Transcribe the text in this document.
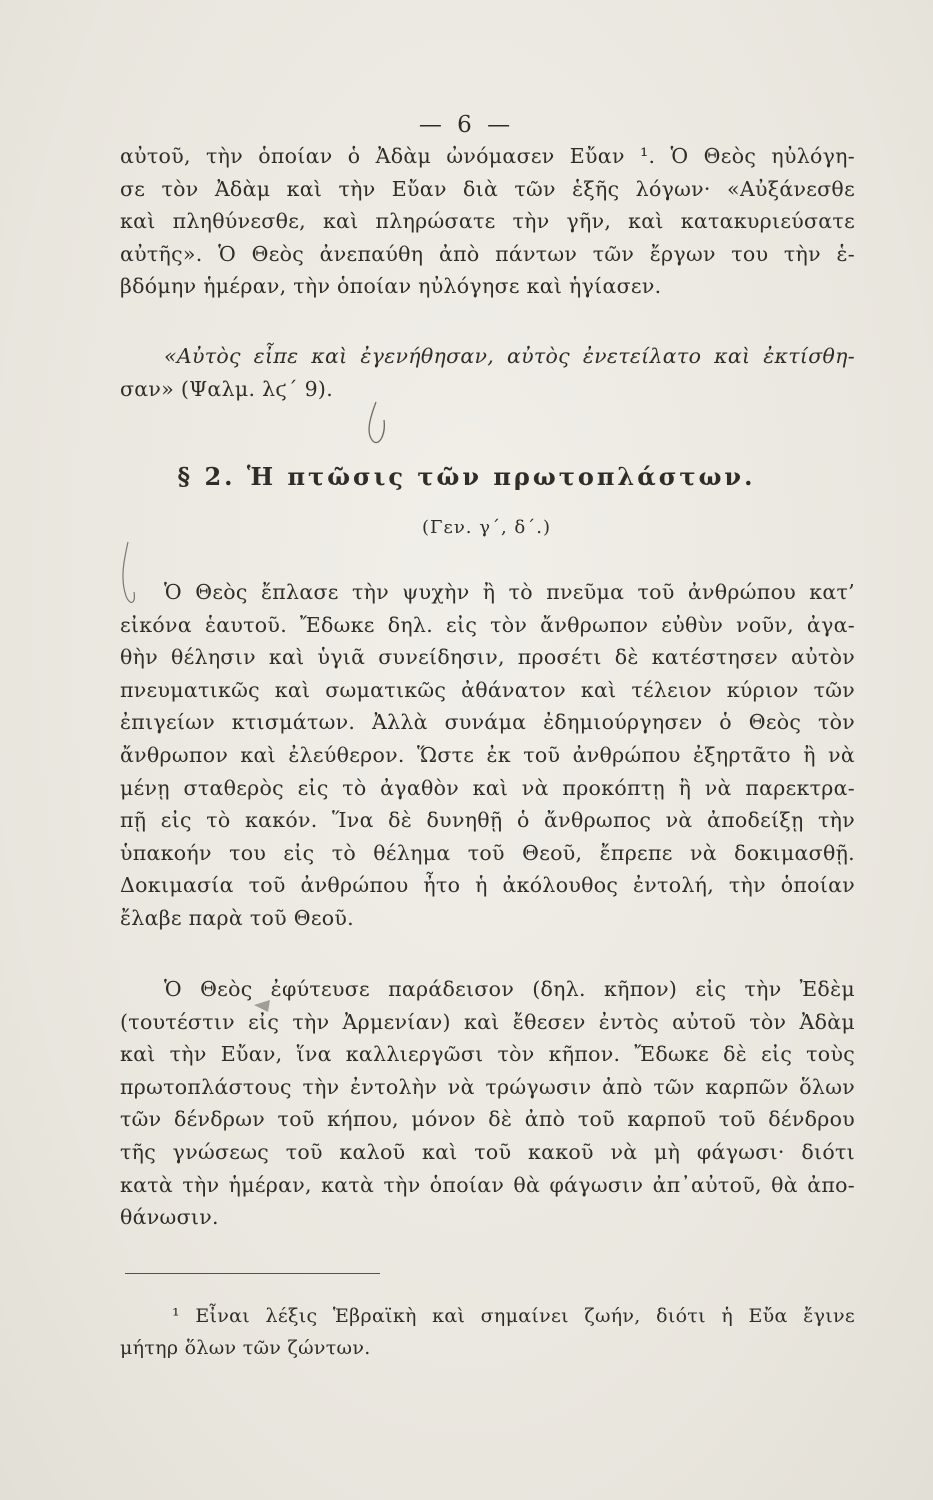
— 6 —
αὐτοῦ, τὴν ὁποίαν ὁ Ἀδὰμ ὠνόμασεν Εὔαν ¹. Ὁ Θεὸς ηὐλόγη-
σε τὸν Ἀδὰμ καὶ τὴν Εὔαν διὰ τῶν ἑξῆς λόγων· «Αὐξάνεσθε
καὶ πληθύνεσθε, καὶ πληρώσατε τὴν γῆν, καὶ κατακυριεύσατε
αὐτῆς». Ὁ Θεὸς ἀνεπαύθη ἀπὸ πάντων τῶν ἔργων του τὴν ἑ-
βδόμην ἡμέραν, τὴν ὁποίαν ηὐλόγησε καὶ ἡγίασεν.
«Αὐτὸς εἶπε καὶ ἐγενήθησαν, αὐτὸς ἐνετείλατο καὶ ἐκτίσθη-
σαν» (Ψαλμ. λϛ΄ 9).
§ 2. Ἡ πτῶσις τῶν πρωτοπλάστων.
(Γεν. γ΄, δ΄.)
Ὁ Θεὸς ἔπλασε τὴν ψυχὴν ἢ τὸ πνεῦμα τοῦ ἀνθρώπου κατ’
εἰκόνα ἑαυτοῦ. Ἔδωκε δηλ. εἰς τὸν ἄνθρωπον εὐθὺν νοῦν, ἀγα-
θὴν θέλησιν καὶ ὑγιᾶ συνείδησιν, προσέτι δὲ κατέστησεν αὐτὸν
πνευματικῶς καὶ σωματικῶς ἀθάνατον καὶ τέλειον κύριον τῶν
ἐπιγείων κτισμάτων. Ἀλλὰ συνάμα ἐδημιούργησεν ὁ Θεὸς τὸν
ἄνθρωπον καὶ ἐλεύθερον. Ὥστε ἐκ τοῦ ἀνθρώπου ἐξηρτᾶτο ἢ νὰ
μένῃ σταθερὸς εἰς τὸ ἀγαθὸν καὶ νὰ προκόπτῃ ἢ νὰ παρεκτρα-
πῇ εἰς τὸ κακόν. Ἵνα δὲ δυνηθῇ ὁ ἄνθρωπος νὰ ἀποδείξῃ τὴν
ὑπακοήν του εἰς τὸ θέλημα τοῦ Θεοῦ, ἔπρεπε νὰ δοκιμασθῇ.
Δοκιμασία τοῦ ἀνθρώπου ἦτο ἡ ἀκόλουθος ἐντολή, τὴν ὁποίαν
ἔλαβε παρὰ τοῦ Θεοῦ.
Ὁ Θεὸς ἐφύτευσε παράδεισον (δηλ. κῆπον) εἰς τὴν Ἐδὲμ
(τουτέστιν εἰς τὴν Ἀρμενίαν) καὶ ἔθεσεν ἐντὸς αὐτοῦ τὸν Ἀδὰμ
καὶ τὴν Εὔαν, ἵνα καλλιεργῶσι τὸν κῆπον. Ἔδωκε δὲ εἰς τοὺς
πρωτοπλάστους τὴν ἐντολὴν νὰ τρώγωσιν ἀπὸ τῶν καρπῶν ὅλων
τῶν δένδρων τοῦ κήπου, μόνον δὲ ἀπὸ τοῦ καρποῦ τοῦ δένδρου
τῆς γνώσεως τοῦ καλοῦ καὶ τοῦ κακοῦ νὰ μὴ φάγωσι· διότι
κατὰ τὴν ἡμέραν, κατὰ τὴν ὁποίαν θὰ φάγωσιν ἀπ᾽αὐτοῦ, θὰ ἀπο-
θάνωσιν.
¹ Εἶναι λέξις Ἑβραϊκὴ καὶ σημαίνει ζωήν, διότι ἡ Εὔα ἔγινε
μήτηρ ὅλων τῶν ζώντων.
